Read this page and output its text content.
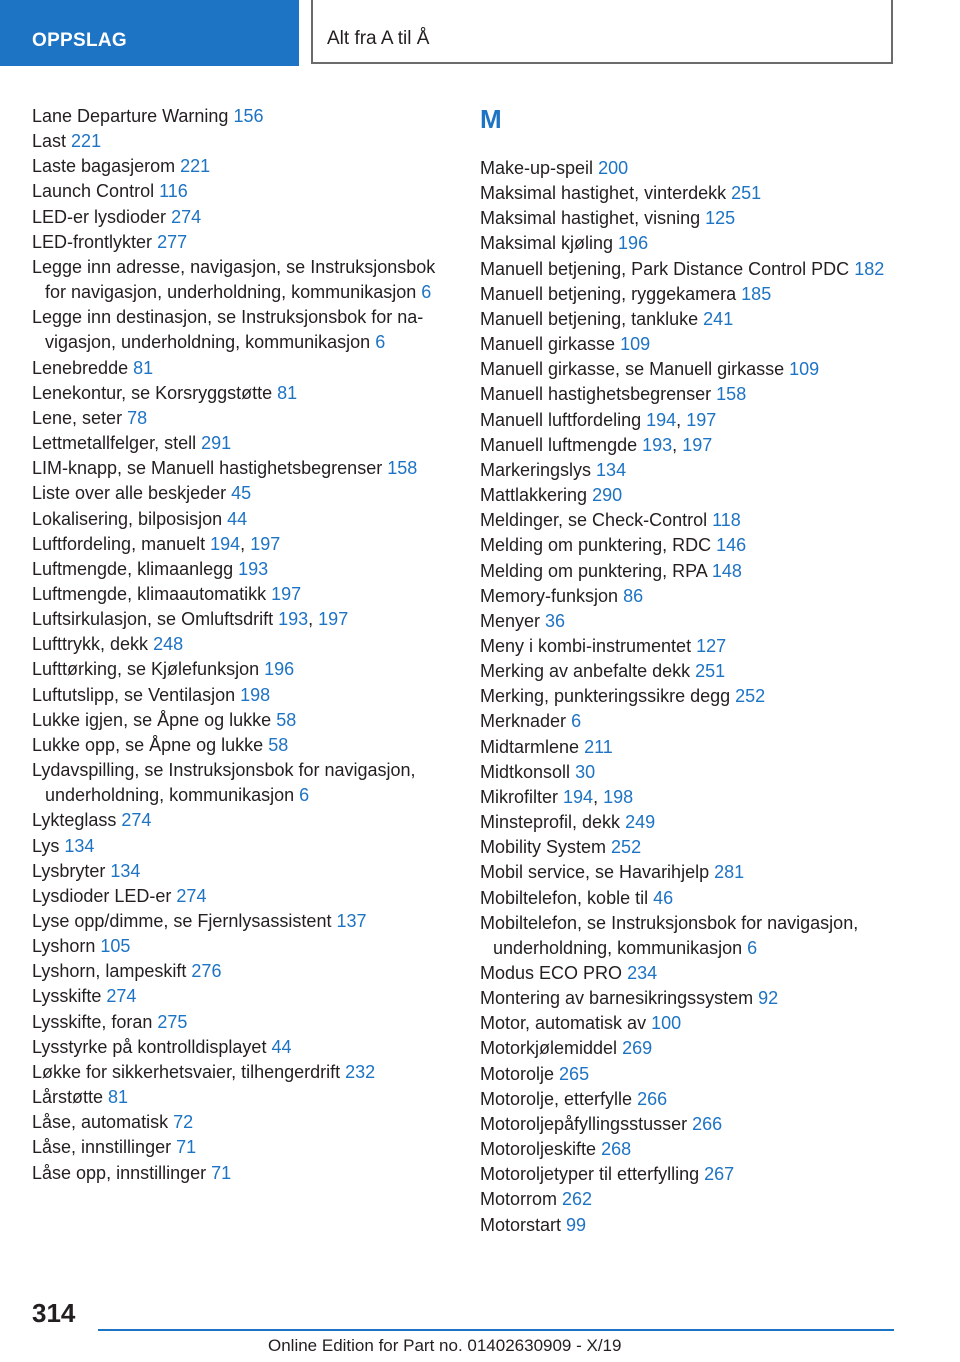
OPPSLAG	Alt fra A til Å
Lane Departure Warning 156
Last 221
Laste bagasjerom 221
Launch Control 116
LED-er lysdioder 274
LED-frontlykter 277
Legge inn adresse, navigasjon, se Instruksjonsbok for navigasjon, underholdning, kommunikasjon 6
Legge inn destinasjon, se Instruksjonsbok for navigasjon, underholdning, kommunikasjon 6
Lenebredde 81
Lenekontur, se Korsryggstøtte 81
Lene, seter 78
Lettmetallfelger, stell 291
LIM-knapp, se Manuell hastighetsbegrenser 158
Liste over alle beskjeder 45
Lokalisering, bilposisjon 44
Luftfordeling, manuelt 194, 197
Luftmengde, klimaanlegg 193
Luftmengde, klimaautomatikk 197
Luftsirkulasjon, se Omluftsdrift 193, 197
Lufttrykk, dekk 248
Lufttørking, se Kjølefunksjon 196
Luftutslipp, se Ventilasjon 198
Lukke igjen, se Åpne og lukke 58
Lukke opp, se Åpne og lukke 58
Lydavspilling, se Instruksjonsbok for navigasjon, underholdning, kommunikasjon 6
Lykteglass 274
Lys 134
Lysbryter 134
Lysdioder LED-er 274
Lyse opp/dimme, se Fjernlysassistent 137
Lyshorn 105
Lyshorn, lampeskift 276
Lysskifte 274
Lysskifte, foran 275
Lysstyrke på kontrolldisplayet 44
Løkke for sikkerhetsvaier, tilhengerdrift 232
Lårstøtte 81
Låse, automatisk 72
Låse, innstillinger 71
Låse opp, innstillinger 71
M
Make-up-speil 200
Maksimal hastighet, vinterdekk 251
Maksimal hastighet, visning 125
Maksimal kjøling 196
Manuell betjening, Park Distance Control PDC 182
Manuell betjening, ryggekamera 185
Manuell betjening, tankluke 241
Manuell girkasse 109
Manuell girkasse, se Manuell girkasse 109
Manuell hastighetsbegrenser 158
Manuell luftfordeling 194, 197
Manuell luftmengde 193, 197
Markeringslys 134
Mattlakkering 290
Meldinger, se Check-Control 118
Melding om punktering, RDC 146
Melding om punktering, RPA 148
Memory-funksjon 86
Menyer 36
Meny i kombi-instrumentet 127
Merking av anbefalte dekk 251
Merking, punkteringssikre degg 252
Merknader 6
Midtarmlene 211
Midtkonsoll 30
Mikrofilter 194, 198
Minsteprofil, dekk 249
Mobility System 252
Mobil service, se Havarihjelp 281
Mobiltelefon, koble til 46
Mobiltelefon, se Instruksjonsbok for navigasjon, underholdning, kommunikasjon 6
Modus ECO PRO 234
Montering av barnesikringssystem 92
Motor, automatisk av 100
Motorkjølemiddel 269
Motorolje 265
Motorolje, etterfylle 266
Motoroljepåfyllingsstusser 266
Motoroljeskifte 268
Motoroljetyper til etterfylling 267
Motorrom 262
Motorstart 99
314
Online Edition for Part no. 01402630909 - X/19
